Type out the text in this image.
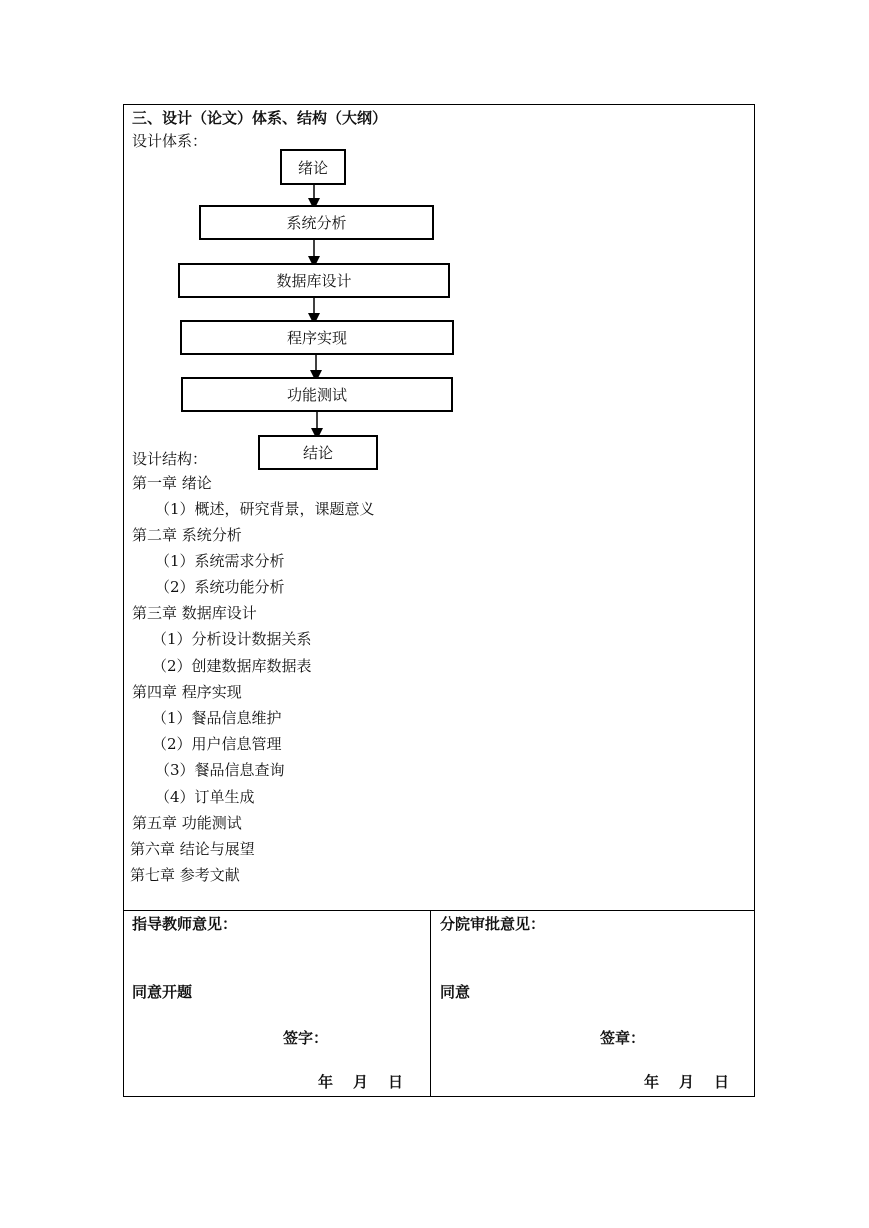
三、设计（论文）体系、结构（大纲）
设计体系：
绪论
系统分析
数据库设计
程序实现
功能测试
结论
设计结构：
第一章 绪论
（1）概述，研究背景，课题意义
第二章 系统分析
（1）系统需求分析
（2）系统功能分析
第三章 数据库设计
（1）分析设计数据关系
（2）创建数据库数据表
第四章 程序实现
（1）餐品信息维护
（2）用户信息管理
（3）餐品信息查询
（4）订单生成
第五章 功能测试
第六章 结论与展望
第七章 参考文献
指导教师意见：
同意开题
签字：
年 月 日
分院审批意见：
同意
签章：
年 月 日
